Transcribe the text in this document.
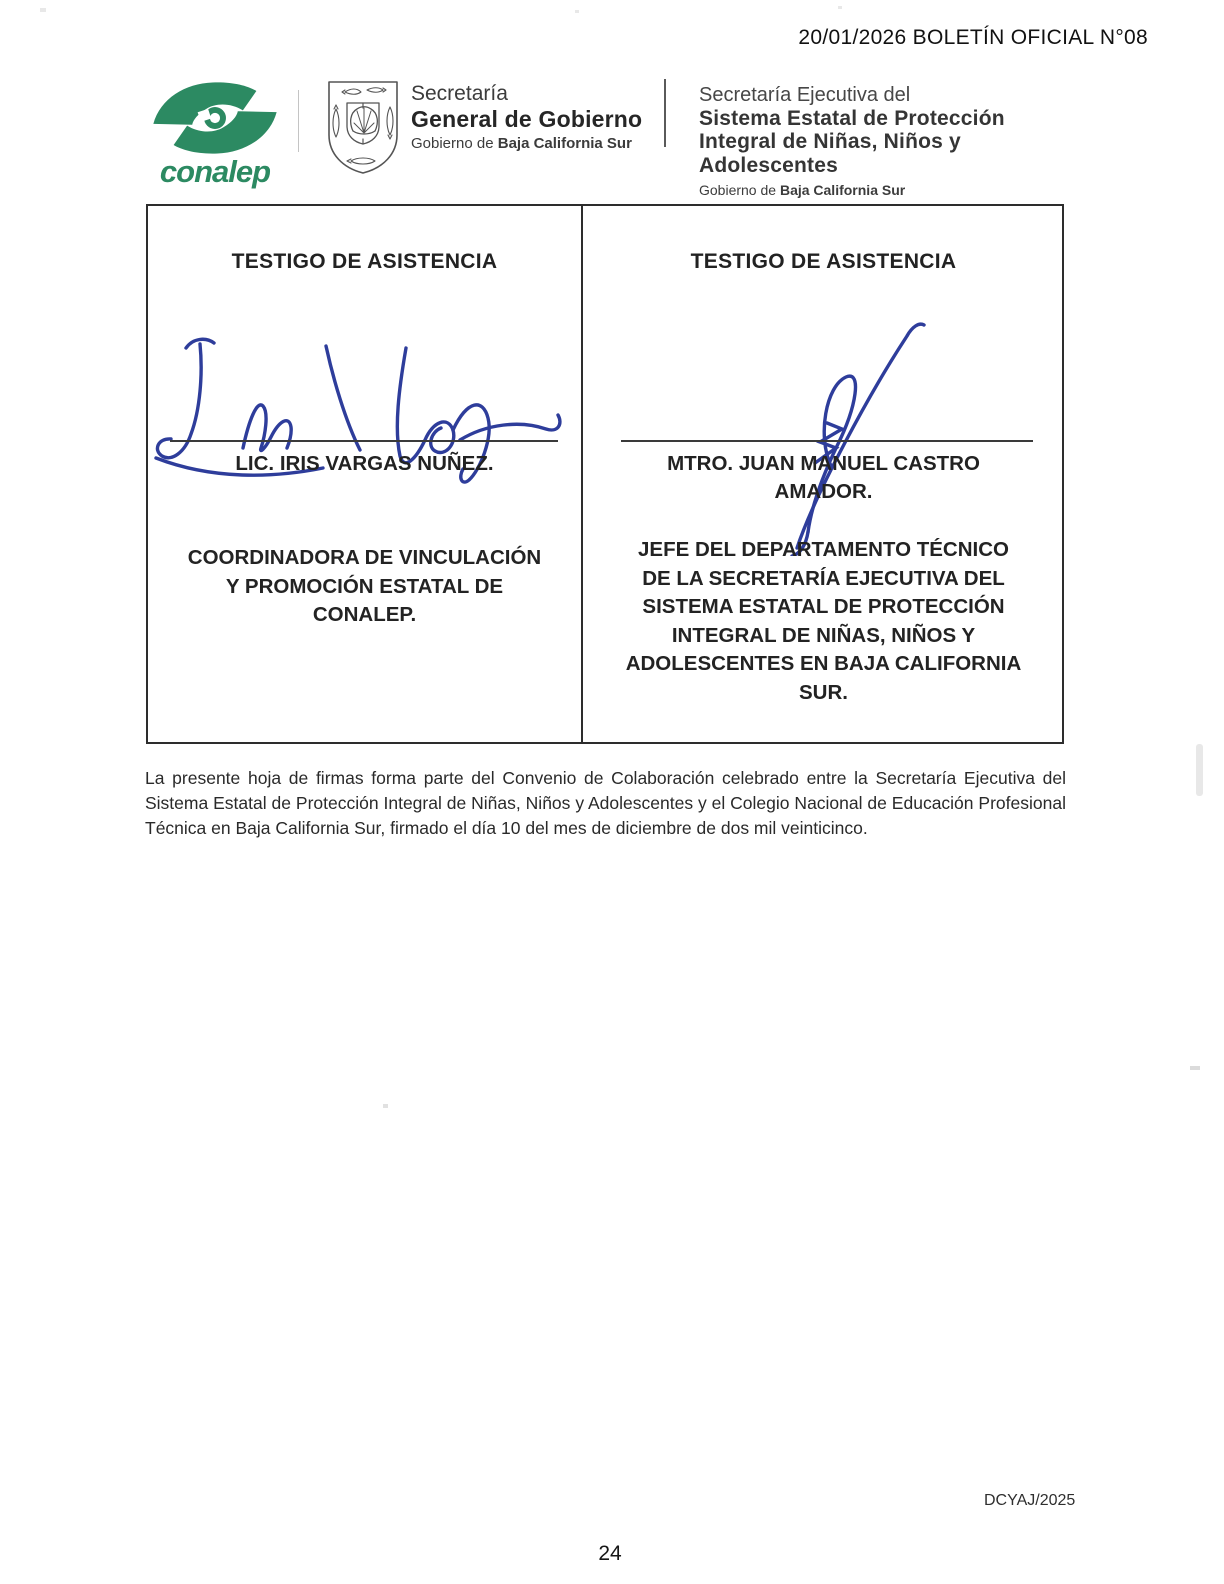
20/01/2026 BOLETÍN OFICIAL N°08
conalep
Secretaría
General de Gobierno
Gobierno de Baja California Sur
Secretaría Ejecutiva del
Sistema Estatal de Protección
Integral de Niñas, Niños y
Adolescentes
Gobierno de Baja California Sur
TESTIGO DE ASISTENCIA
LIC. IRIS VARGAS NUÑEZ.
COORDINADORA DE VINCULACIÓN
Y PROMOCIÓN ESTATAL DE
CONALEP.
TESTIGO DE ASISTENCIA
MTRO. JUAN MANUEL CASTRO
AMADOR.
JEFE DEL DEPARTAMENTO TÉCNICO
DE LA SECRETARÍA EJECUTIVA DEL
SISTEMA ESTATAL DE PROTECCIÓN
INTEGRAL DE NIÑAS, NIÑOS Y
ADOLESCENTES EN BAJA CALIFORNIA
SUR.
La presente hoja de firmas forma parte del Convenio de Colaboración celebrado entre la Secretaría Ejecutiva del Sistema Estatal de Protección Integral de Niñas, Niños y Adolescentes y el Colegio Nacional de Educación Profesional Técnica en Baja California Sur, firmado el día 10 del mes de diciembre de dos mil veinticinco.
DCYAJ/2025
24
